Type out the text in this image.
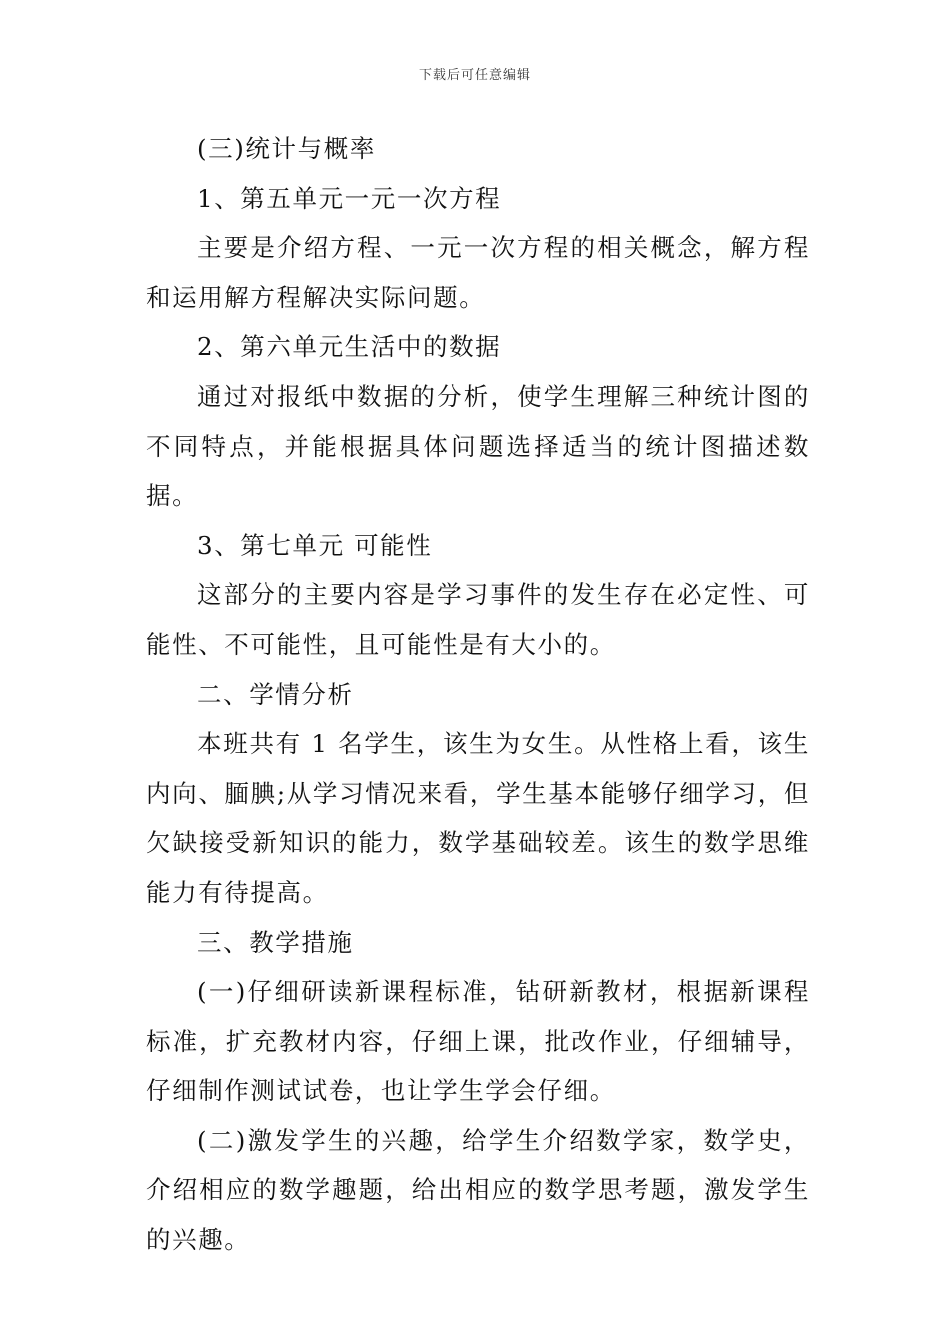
下载后可任意编辑

(三)统计与概率

1、第五单元一元一次方程

主要是介绍方程、一元一次方程的相关概念，解方程和运用解方程解决实际问题。

2、第六单元生活中的数据

通过对报纸中数据的分析，使学生理解三种统计图的不同特点，并能根据具体问题选择适当的统计图描述数据。

3、第七单元 可能性

这部分的主要内容是学习事件的发生存在必定性、可能性、不可能性，且可能性是有大小的。

二、学情分析

本班共有 1 名学生，该生为女生。从性格上看，该生内向、腼腆;从学习情况来看，学生基本能够仔细学习，但欠缺接受新知识的能力，数学基础较差。该生的数学思维能力有待提高。

三、教学措施

(一)仔细研读新课程标准，钻研新教材，根据新课程标准，扩充教材内容，仔细上课，批改作业，仔细辅导，仔细制作测试试卷，也让学生学会仔细。

(二)激发学生的兴趣，给学生介绍数学家，数学史，介绍相应的数学趣题，给出相应的数学思考题，激发学生的兴趣。
